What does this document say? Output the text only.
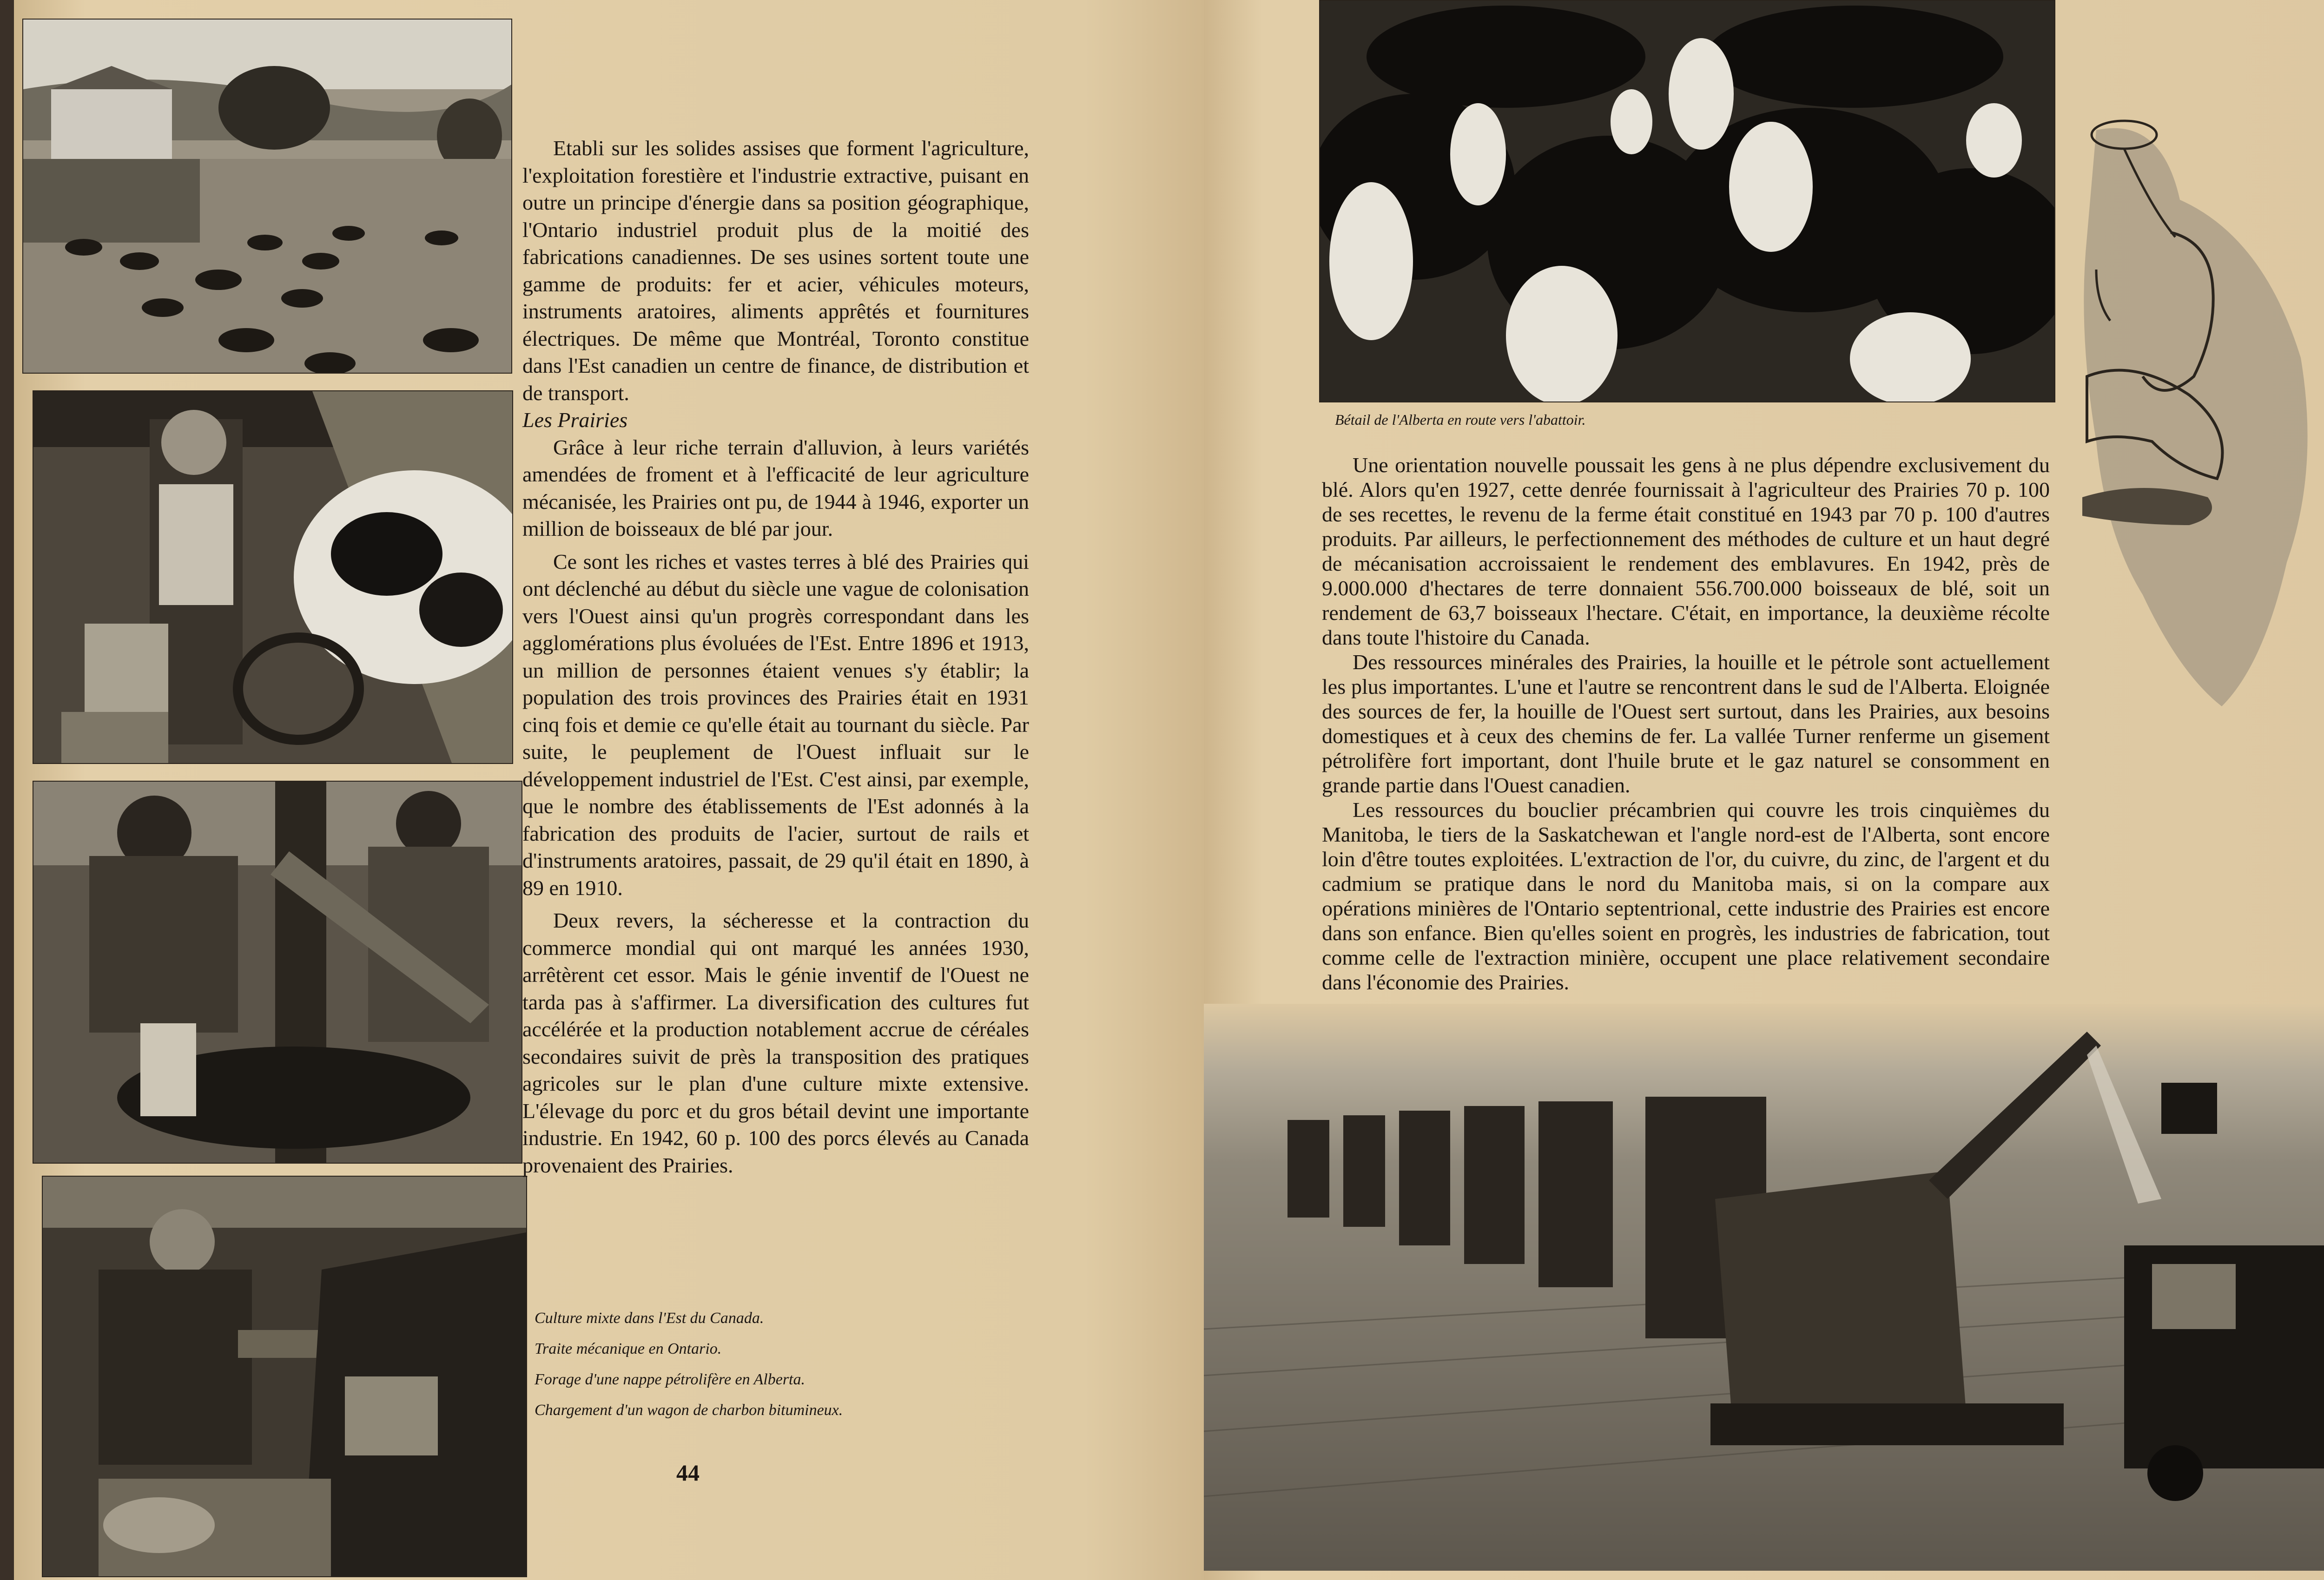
Etabli sur les solides assises que forment l'agriculture, l'exploitation forestière et l'industrie extractive, puisant en outre un principe d'énergie dans sa position géographique, l'Ontario industriel produit plus de la moitié des fabrications canadiennes. De ses usines sortent toute une gamme de produits: fer et acier, véhicules moteurs, instruments aratoires, aliments apprêtés et fournitures électriques. De même que Montréal, Toronto constitue dans l'Est canadien un centre de finance, de distribution et de transport.

Les Prairies

Grâce à leur riche terrain d'alluvion, à leurs variétés amendées de froment et à l'efficacité de leur agriculture mécanisée, les Prairies ont pu, de 1944 à 1946, exporter un million de boisseaux de blé par jour.

Ce sont les riches et vastes terres à blé des Prairies qui ont déclenché au début du siècle une vague de colonisation vers l'Ouest ainsi qu'un progrès correspondant dans les agglomérations plus évoluées de l'Est. Entre 1896 et 1913, un million de personnes étaient venues s'y établir; la population des trois provinces des Prairies était en 1931 cinq fois et demie ce qu'elle était au tournant du siècle. Par suite, le peuplement de l'Ouest influait sur le développement industriel de l'Est. C'est ainsi, par exemple, que le nombre des établissements de l'Est adonnés à la fabrication des produits de l'acier, surtout de rails et d'instruments aratoires, passait, de 29 qu'il était en 1890, à 89 en 1910.

Deux revers, la sécheresse et la contraction du commerce mondial qui ont marqué les années 1930, arrêtèrent cet essor. Mais le génie inventif de l'Ouest ne tarda pas à s'affirmer. La diversification des cultures fut accélérée et la production notablement accrue de céréales secondaires suivit de près la transposition des pratiques agricoles sur le plan d'une culture mixte extensive. L'élevage du porc et du gros bétail devint une importante industrie. En 1942, 60 p. 100 des porcs élevés au Canada provenaient des Prairies.

Culture mixte dans l'Est du Canada.
Traite mécanique en Ontario.
Forage d'une nappe pétrolifère en Alberta.
Chargement d'un wagon de charbon bitumineux.
44
Bétail de l'Alberta en route vers l'abattoir.

Une orientation nouvelle poussait les gens à ne plus dépendre exclusivement du blé. Alors qu'en 1927, cette denrée fournissait à l'agriculteur des Prairies 70 p. 100 de ses recettes, le revenu de la ferme était constitué en 1943 par 70 p. 100 d'autres produits. Par ailleurs, le perfectionnement des méthodes de culture et un haut degré de mécanisation accroissaient le rendement des emblavures. En 1942, près de 9.000.000 d'hectares de terre donnaient 556.700.000 boisseaux de blé, soit un rendement de 63,7 boisseaux l'hectare. C'était, en importance, la deuxième récolte dans toute l'histoire du Canada.

Des ressources minérales des Prairies, la houille et le pétrole sont actuellement les plus importantes. L'une et l'autre se rencontrent dans le sud de l'Alberta. Eloignée des sources de fer, la houille de l'Ouest sert surtout, dans les Prairies, aux besoins domestiques et à ceux des chemins de fer. La vallée Turner renferme un gisement pétrolifère fort important, dont l'huile brute et le gaz naturel se consomment en grande partie dans l'Ouest canadien.

Les ressources du bouclier précambrien qui couvre les trois cinquièmes du Manitoba, le tiers de la Saskatchewan et l'angle nord-est de l'Alberta, sont encore loin d'être toutes exploitées. L'extraction de l'or, du cuivre, du zinc, de l'argent et du cadmium se pratique dans le nord du Manitoba mais, si on la compare aux opérations minières de l'Ontario septentrional, cette industrie des Prairies est encore dans son enfance. Bien qu'elles soient en progrès, les industries de fabrication, tout comme celle de l'extraction minière, occupent une place relativement secondaire dans l'économie des Prairies.
